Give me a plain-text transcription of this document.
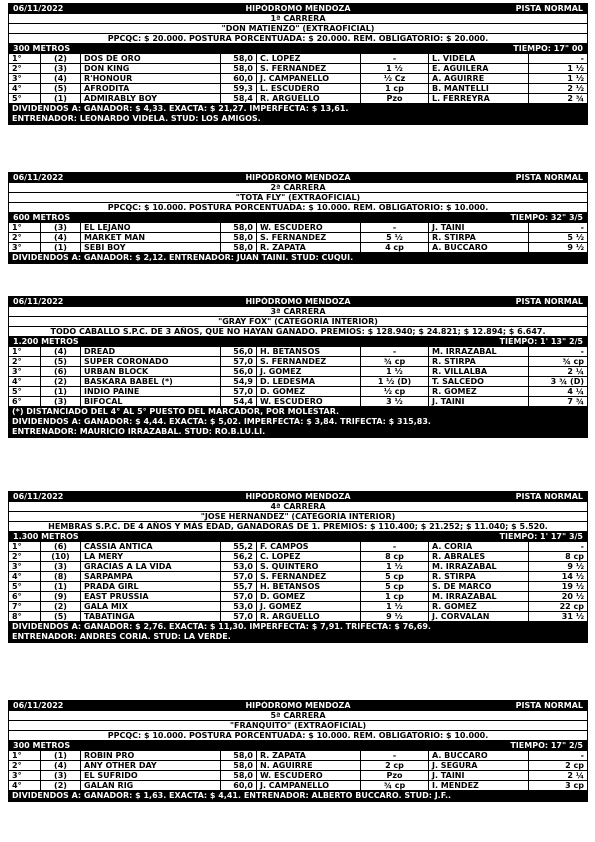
06/11/2022	HIPÓDROMO MENDOZA	PISTA NORMAL
1ª CARRERA
"DON MATIENZO" (EXTRAOFICIAL)
PPCQC: $ 20.000. POSTURA PORCENTUADA: $ 20.000. REM. OBLIGATORIO: $ 20.000.
300 METROS	TIEMPO: 17" 00
1°	(2)	DOS DE ORO	58,0 C. LOPEZ	-	L. VIDELA	-
2°	(3)	DON KING	58,0 S. FERNANDEZ	1 ½	E. AGUILERA	1 ½
3°	(4)	R'HONOUR	60,0 J. CAMPANELLO	½ Cz	A. AGUIRRE	1 ½
4°	(5)	AFRODITA	59,3 L. ESCUDERO	1 cp	B. MANTELLI	2 ½
5°	(1)	ADMIRABLY BOY	58,4 R. ARGUELLO	Pzo	L. FERREYRA	2 ¾
DIVIDENDOS A: GANADOR: $ 4,33. EXACTA: $ 21,27. IMPERFECTA: $ 13,61.
ENTRENADOR: LEONARDO VIDELA. STUD: LOS AMIGOS.
06/11/2022	HIPÓDROMO MENDOZA	PISTA NORMAL
2ª CARRERA
"TOTA FLY" (EXTRAOFICIAL)
PPCQC: $ 10.000. POSTURA PORCENTUADA: $ 10.000. REM. OBLIGATORIO: $ 10.000.
600 METROS	TIEMPO: 32" 3/5
1°	(3)	EL LEJANO	58,0 W. ESCUDERO	-	J. TAINI	-
2°	(4)	MARKET MAN	58,0 S. FERNANDEZ	5 ½	R. STIRPA	5 ½
3°	(1)	SEBI BOY	58,0 R. ZAPATA	4 cp	A. BUCCARO	9 ½
DIVIDENDOS A: GANADOR: $ 2,12. ENTRENADOR: JUAN TAINI. STUD: CUQUI.
06/11/2022	HIPÓDROMO MENDOZA	PISTA NORMAL
3ª CARRERA
"GRAY FOX" (CATEGORÍA INTERIOR)
TODO CABALLO S.P.C. DE 3 AÑOS, QUE NO HAYAN GANADO. PREMIOS: $ 128.940; $ 24.821; $ 12.894; $ 6.647.
1.200 METROS	TIEMPO: 1' 13" 2/5
1°	(4)	DREAD	56,0 H. BETANSOS	-	M. IRRAZABAL	-
2°	(5)	SUPER CORONADO	57,0 S. FERNANDEZ	¾ cp	R. STIRPA	¾ cp
3°	(6)	URBAN BLOCK	56,0 J. GOMEZ	1 ½	R. VILLALBA	2 ¼
4°	(2)	BASKARA BABEL (*)	54,9 D. LEDESMA	1 ½ (D)	T. SALCEDO	3 ¾ (D)
5°	(1)	INDIO PAINE	57,0 D. GOMEZ	½ cp	R. GOMEZ	4 ¼
6°	(3)	BIFOCAL	54,4 W. ESCUDERO	3 ½	J. TAINI	7 ¾
(*) DISTANCIADO DEL 4° AL 5° PUESTO DEL MARCADOR, POR MOLESTAR.
DIVIDENDOS A: GANADOR: $ 4,44. EXACTA: $ 5,02. IMPERFECTA: $ 3,84. TRIFECTA: $ 315,83.
ENTRENADOR: MAURICIO IRRAZABAL. STUD: RO.B.LU.LI.
06/11/2022	HIPÓDROMO MENDOZA	PISTA NORMAL
4ª CARRERA
"JOSE HERNANDEZ" (CATEGORÍA INTERIOR)
HEMBRAS S.P.C. DE 4 AÑOS Y MÁS EDAD, GANADORAS DE 1. PREMIOS: $ 110.400; $ 21.252; $ 11.040; $ 5.520.
1.300 METROS	TIEMPO: 1' 17" 3/5
1°	(6)	CASSIA ANTICA	55,2 F. CAMPOS	-	A. CORIA	-
2°	(10)	LA MERY	56,2 C. LOPEZ	8 cp	R. ABRALES	8 cp
3°	(3)	GRACIAS A LA VIDA	53,0 S. QUINTERO	1 ½	M. IRRAZABAL	9 ½
4°	(8)	SARPAMPA	57,0 S. FERNANDEZ	5 cp	R. STIRPA	14 ½
5°	(1)	PRADA GIRL	55,7 H. BETANSOS	5 cp	S. DE MARCO	19 ½
6°	(9)	EAST PRUSSIA	57,0 D. GOMEZ	1 cp	M. IRRAZABAL	20 ½
7°	(2)	GALA MIX	53,0 J. GOMEZ	1 ½	R. GOMEZ	22 cp
8°	(5)	TABATINGA	57,0 R. ARGUELLO	9 ½	J. CORVALAN	31 ½
DIVIDENDOS A: GANADOR: $ 2,76. EXACTA: $ 11,30. IMPERFECTA: $ 7,91. TRIFECTA: $ 76,69.
ENTRENADOR: ANDRES CORIA. STUD: LA VERDE.
06/11/2022	HIPÓDROMO MENDOZA	PISTA NORMAL
5ª CARRERA
"FRANQUITO" (EXTRAOFICIAL)
PPCQC: $ 10.000. POSTURA PORCENTUADA: $ 10.000. REM. OBLIGATORIO: $ 10.000.
300 METROS	TIEMPO: 17" 2/5
1°	(1)	ROBIN PRO	58,0 R. ZAPATA	-	A. BUCCARO	-
2°	(4)	ANY OTHER DAY	58,0 N. AGUIRRE	2 cp	J. SEGURA	2 cp
3°	(3)	EL SUFRIDO	58,0 W. ESCUDERO	Pzo	J. TAINI	2 ¼
4°	(2)	GALAN RIG	60,0 J. CAMPANELLO	¾ cp	I. MENDEZ	3 cp
DIVIDENDOS A: GANADOR: $ 1,63. EXACTA: $ 4,41. ENTRENADOR: ALBERTO BUCCARO. STUD: J.F..
